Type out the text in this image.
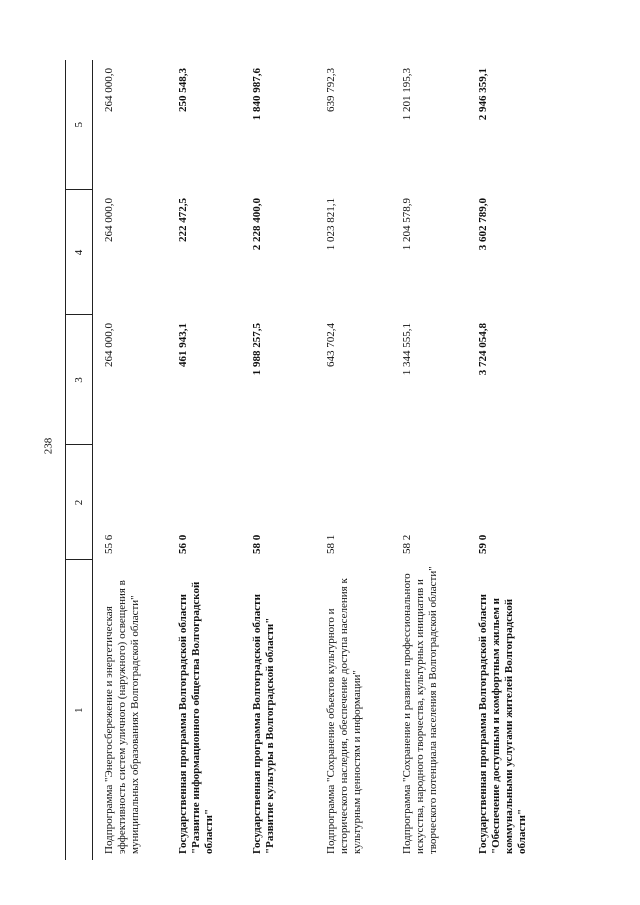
238
1	2	3	4	5
Подпрограмма "Энергосбережение и энергетическая эффективность систем уличного (наружного) освещения в муниципальных образованиях Волгоградской области"	55 6	264 000,0	264 000,0	264 000,0
Государственная программа Волгоградской области "Развитие информационного общества Волгоградской области"	56 0	461 943,1	222 472,5	250 548,3
Государственная программа Волгоградской области "Развитие культуры в Волгоградской области"	58 0	1 988 257,5	2 228 400,0	1 840 987,6
Подпрограмма "Сохранение объектов культурного и исторического наследия, обеспечение доступа населения к культурным ценностям и информации"	58 1	643 702,4	1 023 821,1	639 792,3
Подпрограмма "Сохранение и развитие профессионального искусства, народного творчества, культурных инициатив и творческого потенциала населения в Волгоградской области"	58 2	1 344 555,1	1 204 578,9	1 201 195,3
Государственная программа Волгоградской области "Обеспечение доступным и комфортным жильем и коммунальными услугами жителей Волгоградской области"	59 0	3 724 054,8	3 602 789,0	2 946 359,1
